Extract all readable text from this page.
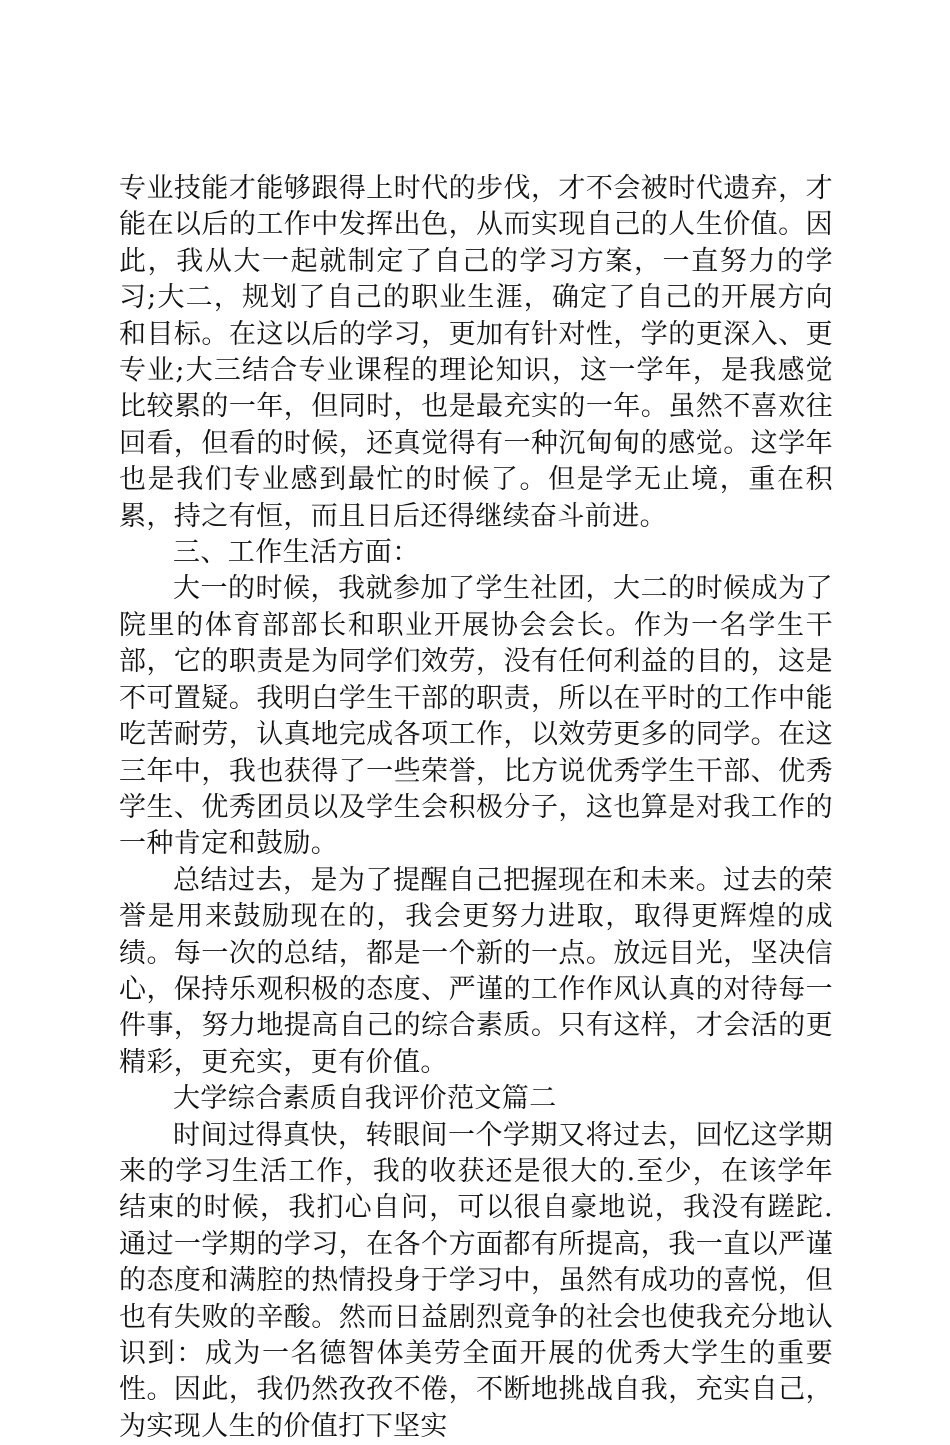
专业技能才能够跟得上时代的步伐，才不会被时代遗弃，才能在以后的工作中发挥出色，从而实现自己的人生价值。因此，我从大一起就制定了自己的学习方案，一直努力的学习;大二，规划了自己的职业生涯，确定了自己的开展方向和目标。在这以后的学习，更加有针对性，学的更深入、更专业;大三结合专业课程的理论知识，这一学年，是我感觉比较累的一年，但同时，也是最充实的一年。虽然不喜欢往回看，但看的时候，还真觉得有一种沉甸甸的感觉。这学年也是我们专业感到最忙的时候了。但是学无止境，重在积累，持之有恒，而且日后还得继续奋斗前进。

三、工作生活方面：

大一的时候，我就参加了学生社团，大二的时候成为了院里的体育部部长和职业开展协会会长。作为一名学生干部，它的职责是为同学们效劳，没有任何利益的目的，这是不可置疑。我明白学生干部的职责，所以在平时的工作中能吃苦耐劳，认真地完成各项工作，以效劳更多的同学。在这三年中，我也获得了一些荣誉，比方说优秀学生干部、优秀学生、优秀团员以及学生会积极分子，这也算是对我工作的一种肯定和鼓励。

总结过去，是为了提醒自己把握现在和未来。过去的荣誉是用来鼓励现在的，我会更努力进取，取得更辉煌的成绩。每一次的总结，都是一个新的一点。放远目光，坚决信心，保持乐观积极的态度、严谨的工作作风认真的对待每一件事，努力地提高自己的综合素质。只有这样，才会活的更精彩，更充实，更有价值。

大学综合素质自我评价范文篇二

时间过得真快，转眼间一个学期又将过去，回忆这学期来的学习生活工作，我的收获还是很大的.至少，在该学年结束的时候，我扪心自问，可以很自豪地说，我没有蹉跎.通过一学期的学习，在各个方面都有所提高，我一直以严谨的态度和满腔的热情投身于学习中，虽然有成功的喜悦，但也有失败的辛酸。然而日益剧烈竟争的社会也使我充分地认识到：成为一名德智体美劳全面开展的优秀大学生的重要性。因此，我仍然孜孜不倦，不断地挑战自我，充实自己，为实现人生的价值打下坚实
